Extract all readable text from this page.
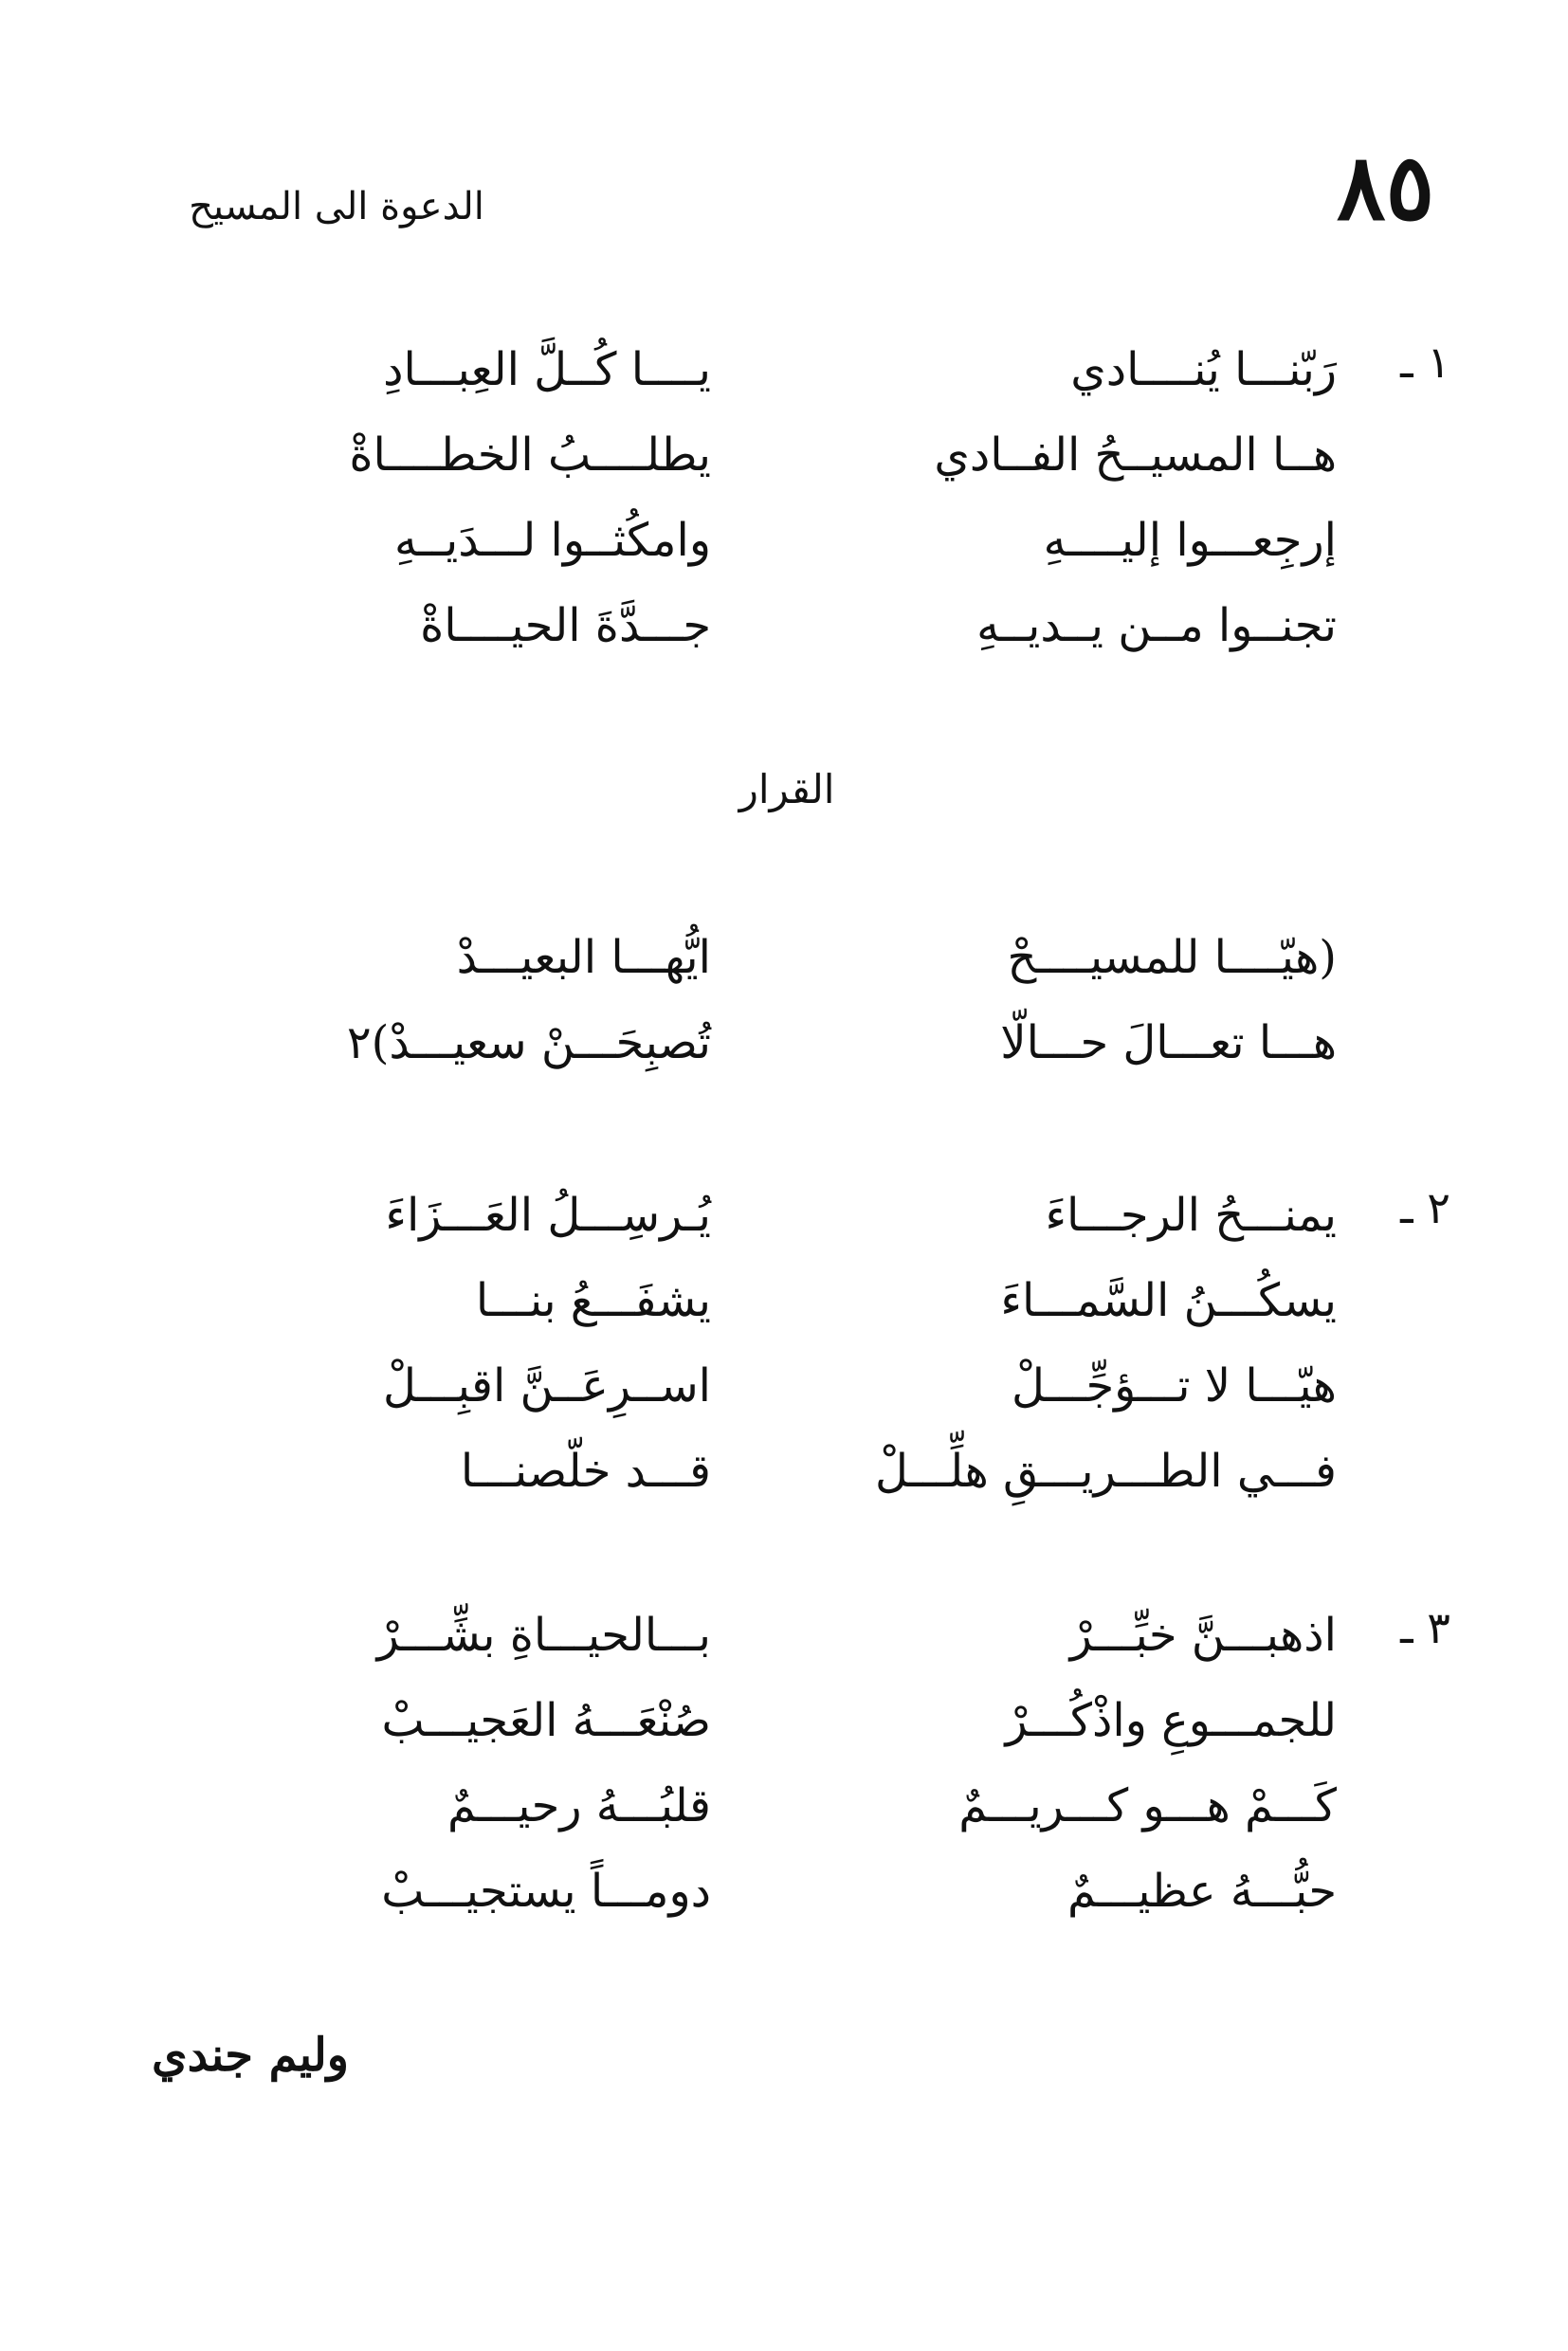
٨٥
الدعوة الى المسيح
١ ـ
رَبّنـــا يُنــــادي
يــــا كُــلَّ العِبـــادِ
هــا المسيــحُ الفــادي
يطلــــبُ الخطــــاةْ
إرجِعـــوا إليــــهِ
وامكُثــوا لـــدَيــهِ
تجنــوا مــن يــديــهِ
جـــدَّةَ الحيــــاةْ
القرار
(هيّــــا للمسيــــحْ
ايُّهـــا البعيـــدْ
هـــا تعـــالَ حـــالّا
تُصبِحَـــنْ سعيـــدْ)٢
٢ ـ
يمنـــحُ الرجـــاءَ
يُـرسِـــلُ العَـــزَاءَ
يسكُـــنُ السَّمـــاءَ
يشفَـــعُ بنـــا
هيّـــا لا تـــؤجِّـــلْ
اســرِعَــنَّ اقبِـــلْ
فـــي الطـــريـــقِ هلِّـــلْ
قـــد خلّصنـــا
٣ ـ
اذهبـــنَّ خبِّـــرْ
بـــالحيـــاةِ بشِّـــرْ
للجمـــوعِ واذْكُـــرْ
صُنْعَـــهُ العَجيـــبْ
كَـــمْ هـــو كـــريـــمٌ
قلبُـــهُ رحيـــمٌ
حبُّـــهُ عظيـــمٌ
دومـــاً يستجيـــبْ
وليم جندي
